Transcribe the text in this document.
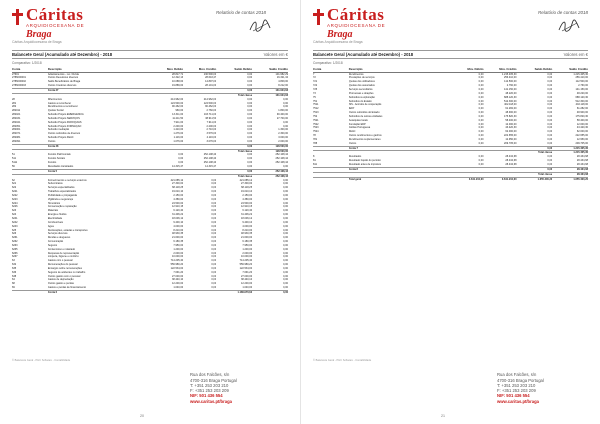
Cáritas
ARQUIDIOCESANA DE
Braga
Relatório de contas 2018
Cáritas Arquidiocesana de Braga
Balancete Geral (Acumulado até Dezembro) - 2018	Valores em €
Comparativo: 1/2018
Conta	Descrição	Mov. Débito	Mov. Crédito	Saldo Débito	Saldo Crédito
27601	Adiantamentos - rec. Dívida	28.817,71	130.500,00	0,00	101.682,29
2786000001	Outros Devedores diversos	12.322,13	28.643,47	0,00	16.321,34
2786000002	Saldo Beneficiários de Braga	10.088,00	14.897,00	0,00	4.809,00
2786000003	Outros Credores diversos	19.889,00	28.101,00	0,00	8.212,00
	Conta 27			0,00	131.024,63
				Total classe	131.024,63
28	Diferimentos	214.962,00	214.962,00	0,00	0,00
281	Gastos a reconhecer	124.500,00	124.500,00	0,00	0,00
282	Rendimentos a reconhecer	90.462,00	90.462,00	0,00	0,00
282011	Quotas Social	960,00	2.760,00	0,00	1.800,00
282021	Subsídio Projeto EMERGÊNCIA	13.311,00	103.711,00	0,00	90.400,00
282031	Subsídio Projeto SERVIÇOS	11.211,50	38.911,50	0,00	27.700,00
282041	Subsídio Projeto PARÓQUIAS	7.911,00	7.911,00	0,00	0,00
282051	Subsídio Projeto FORMAÇÃO	2.200,00	2.200,00	0,00	0,00
282061	Subsídio mediação	1.410,00	2.710,00	0,00	1.300,00
282071	Outros subsídios de diversos	1.276,00	3.576,00	0,00	2.300,00
282081	Subsídio Projeto FEAC	1.116,00	4.116,00	0,00	3.000,00
282091	Outros	1.076,00	3.076,00	0,00	2.000,00
	Conta 28			0,00	128.500,00
				Total classe	128.500,00
51	Fundos Patrimoniais	0,00	252.108,44	0,00	252.108,44
511	Fundos Sociais	0,00	252.108,44	0,00	252.108,44
5111	Fundos	0,00	252.108,44	0,00	252.108,44
56	Resultados transitados	14.315,47	14.315,47	0,00	0,00
	Conta 5			0,00	252.108,44
				Total classe	252.108,44
62	Fornecimentos e serviços externos	421.085,12	0,00	421.085,12	0,00
621	Subcontratos	27.300,00	0,00	27.300,00	0,00
622	Serviços especializados	68.118,25	0,00	68.118,25	0,00
6221	Trabalhos especializados	19.010,10	0,00	19.010,10	0,00
6222	Publicidade e propaganda	2.150,00	0,00	2.150,00	0,00
6223	Vigilância e segurança	4.380,00	0,00	4.380,00	0,00
6224	Honorários	24.500,00	0,00	24.500,00	0,00
6226	Conservação e reparação	12.910,15	0,00	12.910,15	0,00
623	Materiais	6.120,40	0,00	6.120,40	0,00
624	Energia e fluidos	31.406,22	0,00	31.406,22	0,00
6241	Electricidade	18.006,12	0,00	18.006,12	0,00
6242	Combustíveis	9.400,10	0,00	9.400,10	0,00
6243	Água	4.000,00	0,00	4.000,00	0,00
625	Deslocações, estadas e transportes	8.210,00	0,00	8.210,00	0,00
626	Serviços diversos	48.930,35	0,00	48.930,35	0,00
6261	Rendas e alugueres	21.600,00	0,00	21.600,00	0,00
6262	Comunicação	6.180,35	0,00	6.180,35	0,00
6263	Seguros	7.950,00	0,00	7.950,00	0,00
6265	Contencioso e notariado	1.200,00	0,00	1.200,00	0,00
6266	Despesas de representação	2.000,00	0,00	2.000,00	0,00
6267	Limpeza, higiene e conforto	10.000,00	0,00	10.000,00	0,00
63	Gastos com o pessoal	714.205,40	0,00	714.205,40	0,00
632	Remunerações do pessoal	556.980,20	0,00	556.980,20	0,00
635	Encargos sobre remunerações	122.534,00	0,00	122.534,00	0,00
636	Seguros de acidentes no trabalho	7.691,20	0,00	7.691,20	0,00
638	Outros gastos com o pessoal	27.000,00	0,00	27.000,00	0,00
64	Gastos de depreciação	38.440,10	0,00	38.440,10	0,00
68	Outros gastos e perdas	12.200,00	0,00	12.200,00	0,00
69	Gastos e perdas de financiamento	1.040,00	0,00	1.040,00	0,00
	Conta 6			1.186.970,62	0,00
© Balancete Geral - PHC Software - Contabilidade
Rua dos Falcões, s/n
4700-316 Braga Portugal
T: +351 253 203 210
F: +351 253 203 209
NIF: 501 436 554
www.caritas.pt/braga
20
Cáritas
ARQUIDIOCESANA DE
Braga
Relatório de contas 2018
Cáritas Arquidiocesana de Braga
Balancete Geral (Acumulado até Dezembro) - 2018	Valores em €
Comparativo: 1/2018
Conta	Descrição	Mov. Débito	Mov. Crédito	Saldo Débito	Saldo Crédito
7	Rendimentos	0,00	1.215.405,30	0,00	1.215.405,30
72	Prestações de serviços	0,00	256.410,00	0,00	256.410,00
721	Quotas dos utilizadores	0,00	112.500,00	0,00	112.500,00
722	Quotas dos associados	0,00	2.760,00	0,00	2.760,00
725	Serviços secundários	0,00	141.150,00	0,00	141.150,00
73	Promessas e doações	0,00	48.220,00	0,00	48.220,00
75	Subsídios à exploração	0,00	688.120,30	0,00	688.120,30
751	Subsídios do Estado	0,00	512.300,00	0,00	512.300,00
7511	ISS - Acordos de cooperação	0,00	402.118,00	0,00	402.118,00
7512	IEFP	0,00	61.282,00	0,00	61.282,00
7513	Outros subsídios do Estado	0,00	48.900,00	0,00	48.900,00
752	Subsídios de outras entidades	0,00	175.820,30	0,00	175.820,30
7521	Autarquias locais	0,00	58.400,00	0,00	58.400,00
7522	Fundação EDP	0,00	12.000,00	0,00	12.000,00
7523	Cáritas Portuguesa	0,00	43.420,30	0,00	43.420,30
7524	FEAC	0,00	62.000,00	0,00	62.000,00
78	Outros rendimentos e ganhos	0,00	222.655,00	0,00	222.655,00
781	Rendimentos suplementares	0,00	12.950,00	0,00	12.950,00
788	Outros	0,00	209.705,00	0,00	209.705,00
	Conta 7			0,00	1.215.405,30
				Total classe	1.215.405,30
8	Resultados	0,00	28.434,68	0,00	28.434,68
81	Resultado líquido do período	0,00	28.434,68	0,00	28.434,68
811	Resultado antes de impostos	0,00	28.434,68	0,00	28.434,68
	Conta 8			0,00	28.434,68
				Total classe	28.434,68
	Total geral	3.641.210,60	3.641.210,60	1.655.400,20	1.655.400,20
© Balancete Geral - PHC Software - Contabilidade
Rua dos Falcões, s/n
4700-316 Braga Portugal
T: +351 253 203 210
F: +351 253 203 209
NIF: 501 436 554
www.caritas.pt/braga
21
